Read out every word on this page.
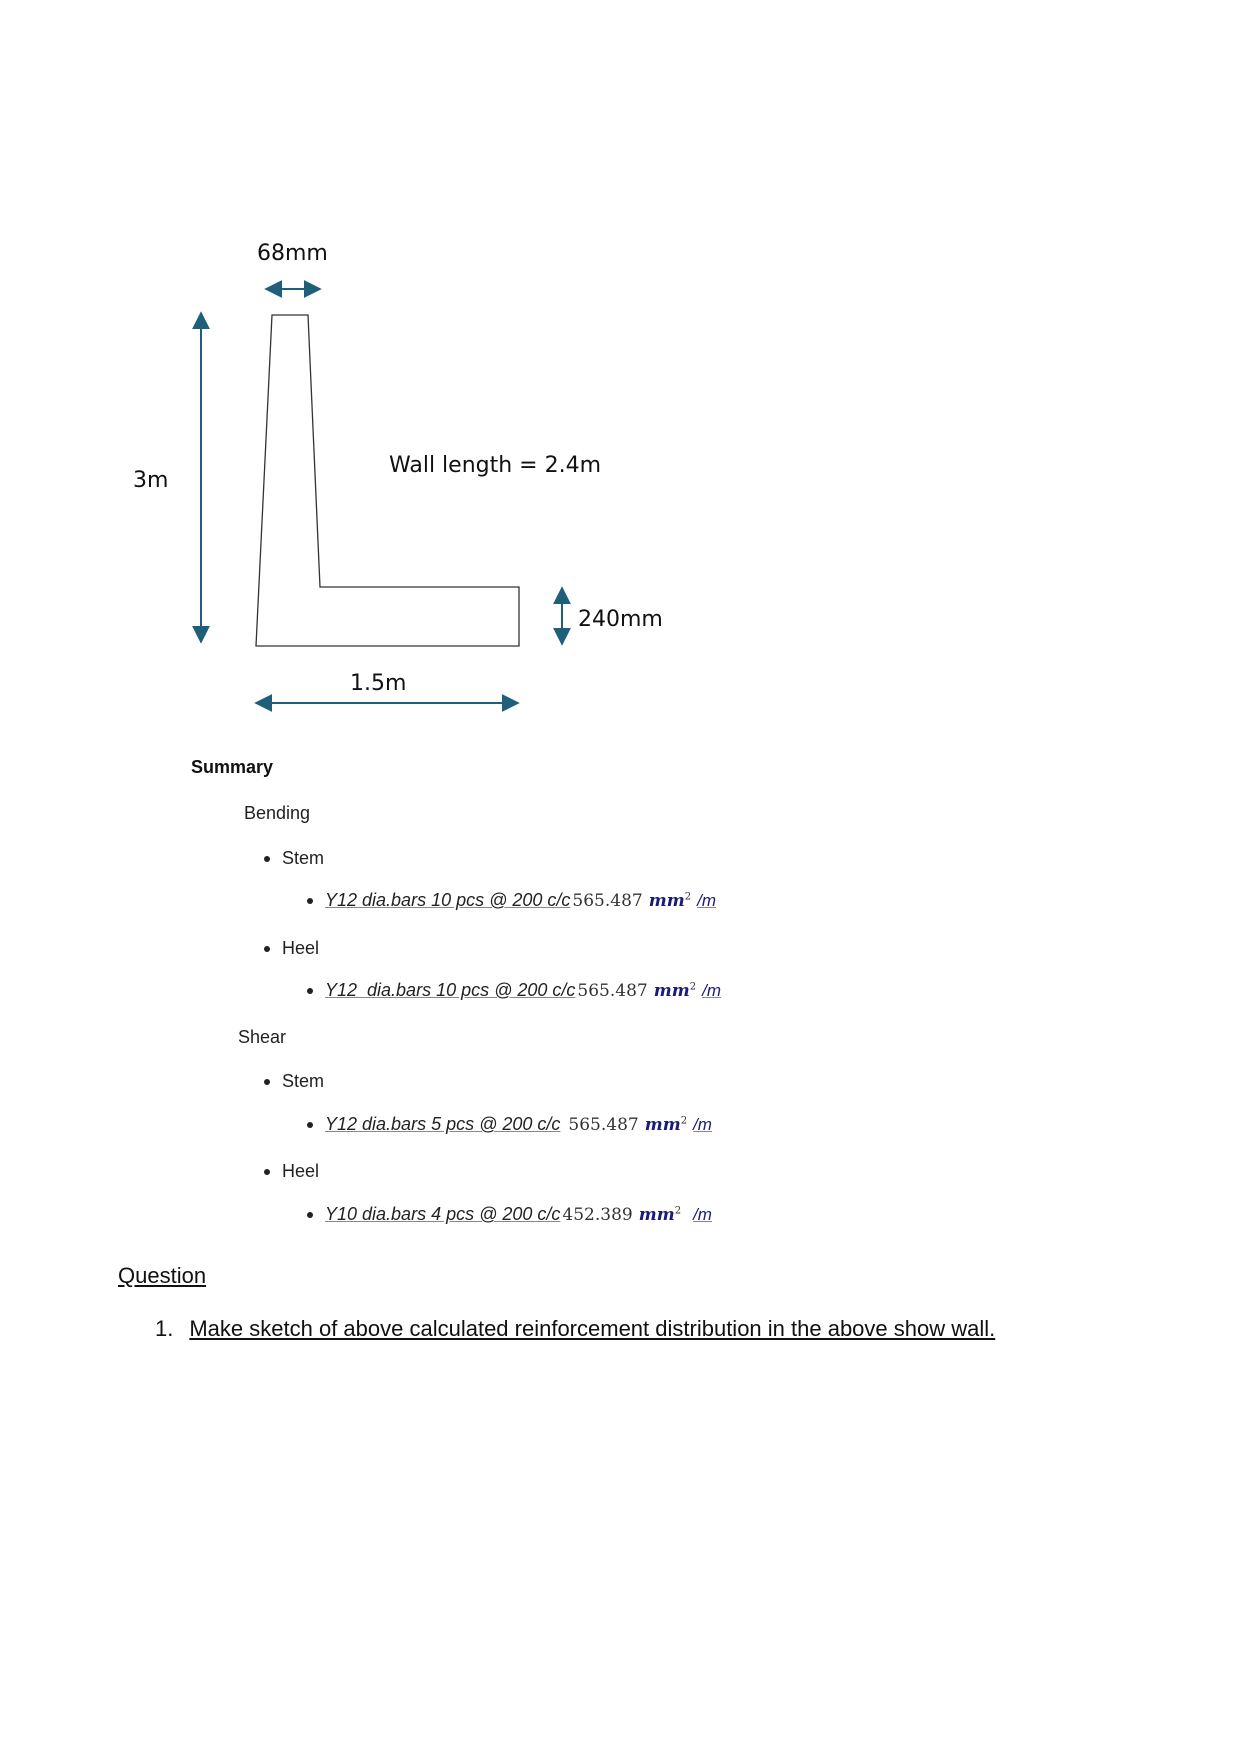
68mm
3m
Wall length = 2.4m
240mm
1.5m
Summary
Bending
Stem
Y12 dia.bars 10 pcs @ 200 c/c 565.487 $mm^2$ /m
Heel
Y12  dia.bars 10 pcs @ 200 c/c 565.487 $mm^2$ /m
Shear
Stem
Y12 dia.bars 5 pcs @ 200 c/c 565.487 $mm^2$ /m
Heel
Y10 dia.bars 4 pcs @ 200 c/c 452.389 $mm^2$ /m
Question
1. Make sketch of above calculated reinforcement distribution in the above show wall.
